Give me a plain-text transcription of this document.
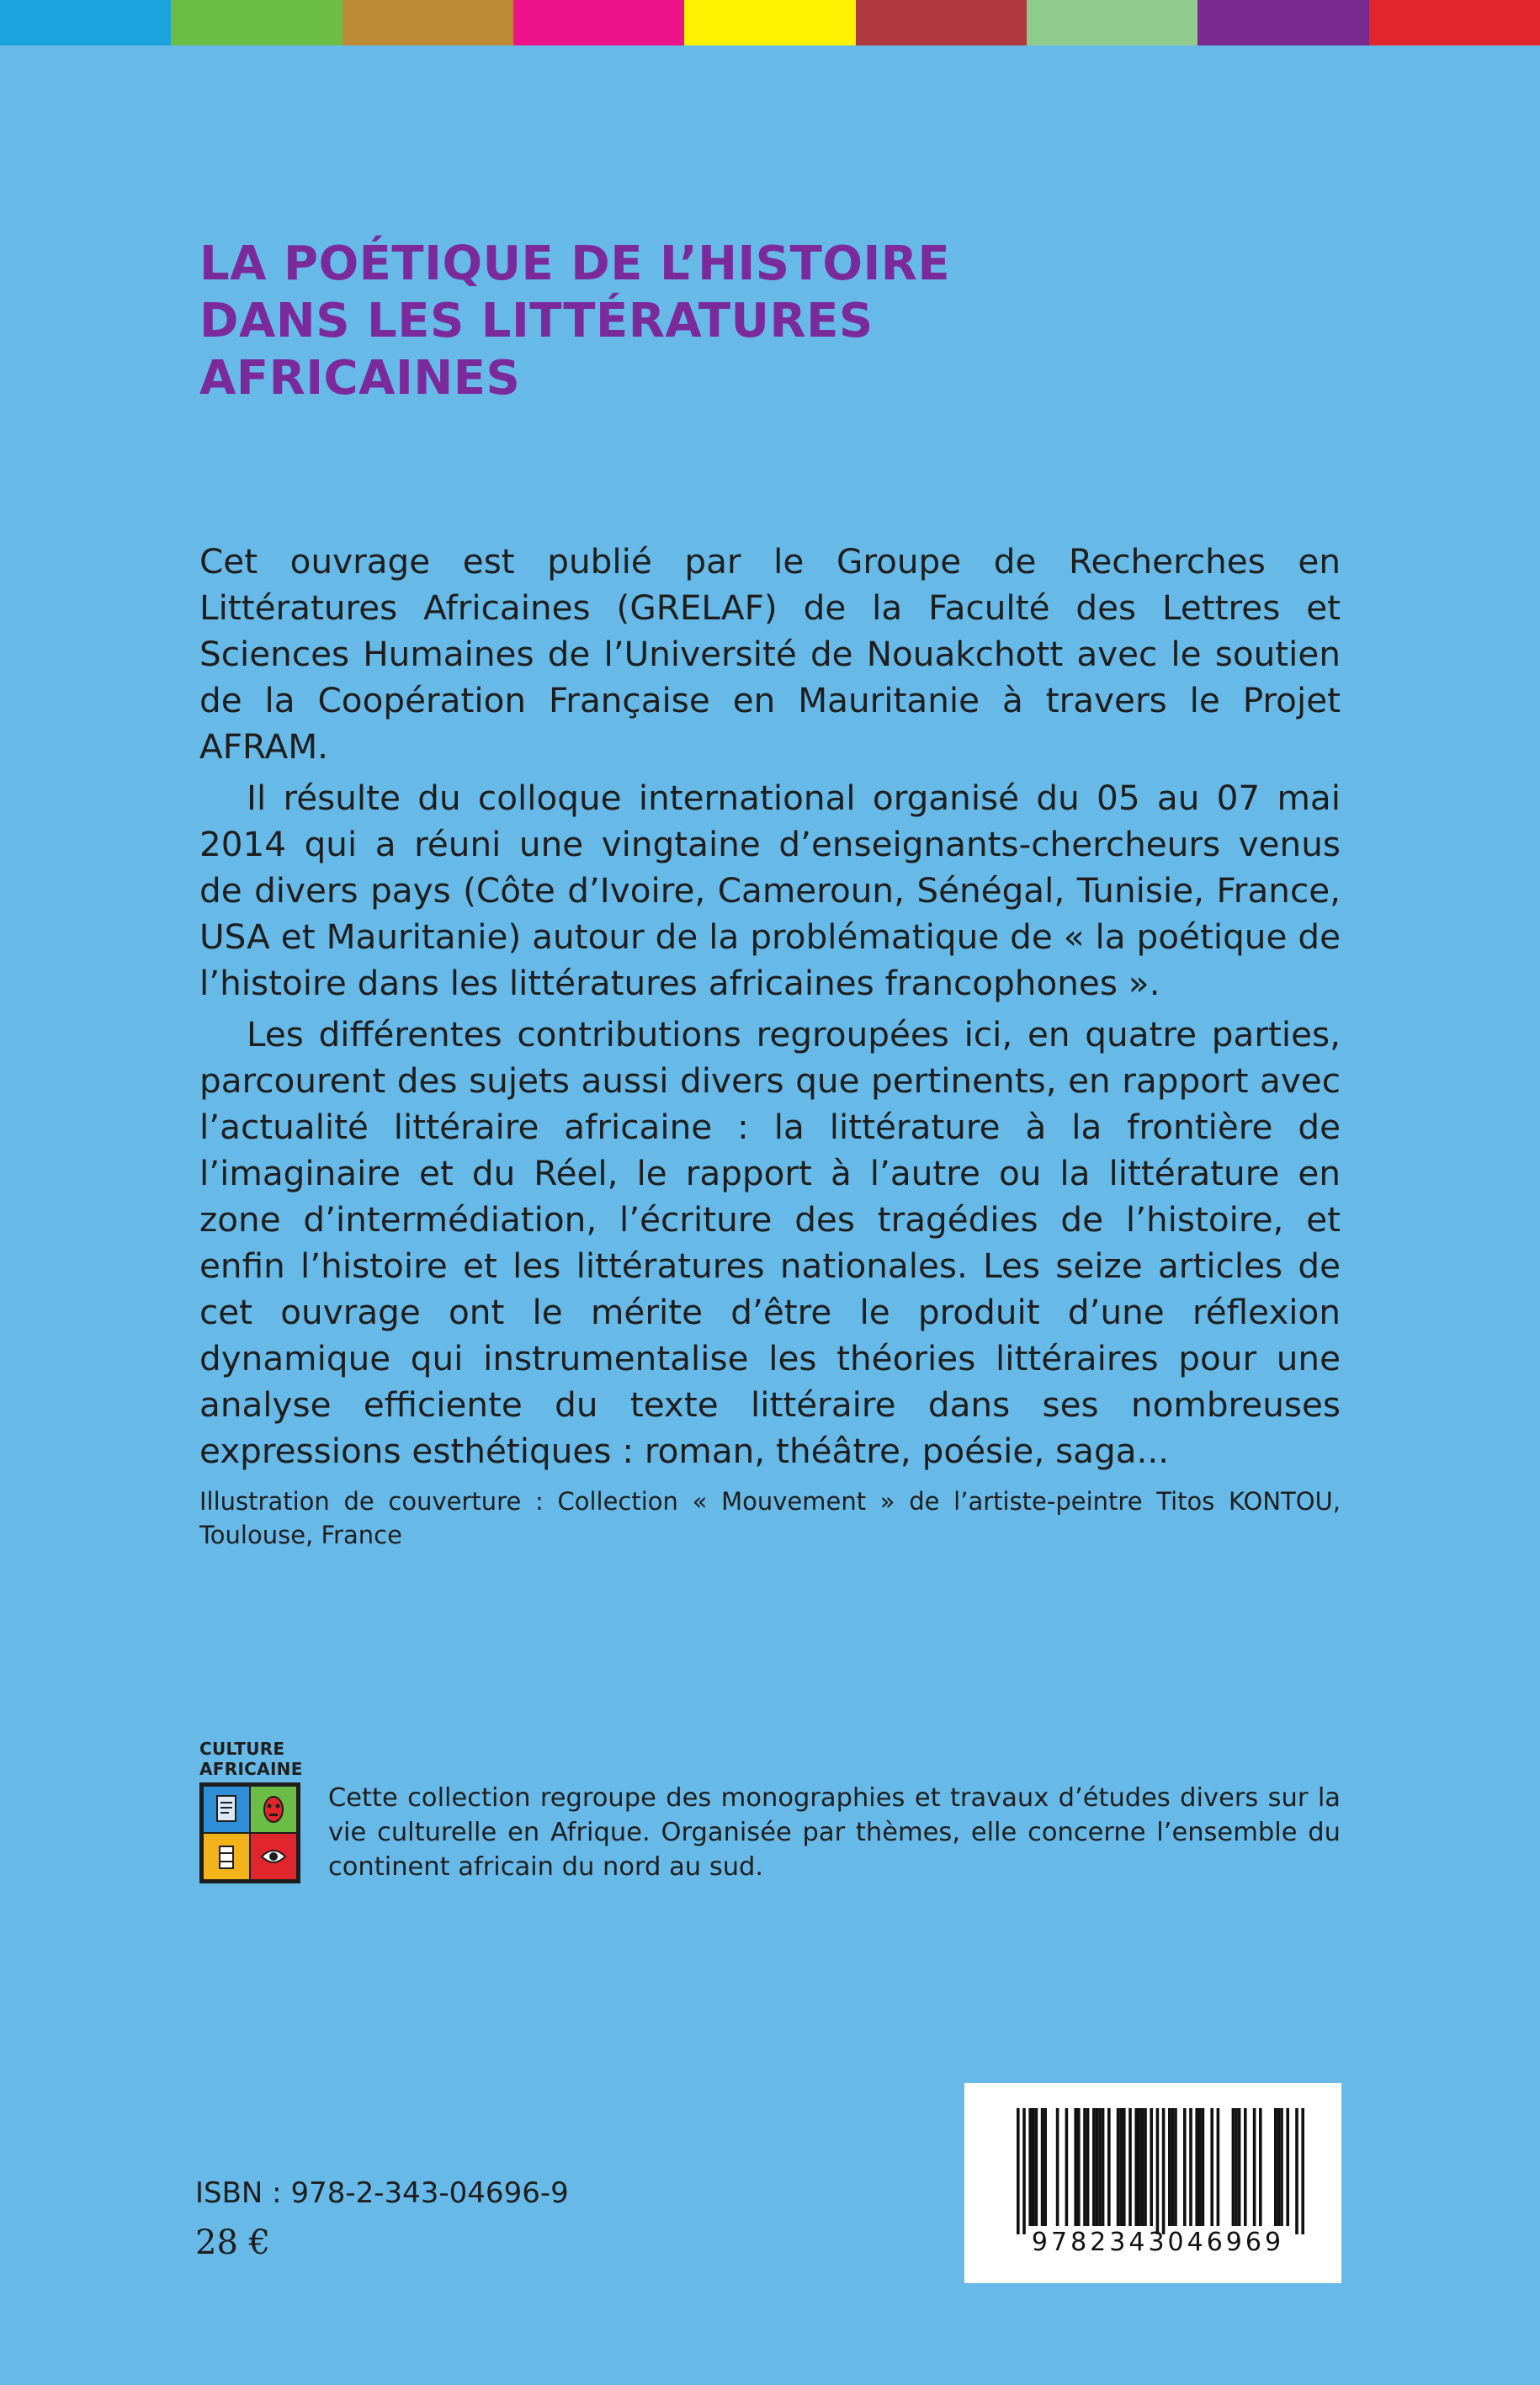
LA POÉTIQUE DE L’HISTOIRE
DANS LES LITTÉRATURES
AFRICAINES

Cet ouvrage est publié par le Groupe de Recherches en Littératures Africaines (GRELAF) de la Faculté des Lettres et Sciences Humaines de l’Université de Nouakchott avec le soutien de la Coopération Française en Mauritanie à travers le Projet AFRAM.

Il résulte du colloque international organisé du 05 au 07 mai 2014 qui a réuni une vingtaine d’enseignants-chercheurs venus de divers pays (Côte d’Ivoire, Cameroun, Sénégal, Tunisie, France, USA et Mauritanie) autour de la problématique de « la poétique de l’histoire dans les littératures africaines francophones ».

Les différentes contributions regroupées ici, en quatre parties, parcourent des sujets aussi divers que pertinents, en rapport avec l’actualité littéraire africaine : la littérature à la frontière de l’imaginaire et du Réel, le rapport à l’autre ou la littérature en zone d’intermédiation, l’écriture des tragédies de l’histoire, et enfin l’histoire et les littératures nationales. Les seize articles de cet ouvrage ont le mérite d’être le produit d’une réflexion dynamique qui instrumentalise les théories littéraires pour une analyse efficiente du texte littéraire dans ses nombreuses expressions esthétiques : roman, théâtre, poésie, saga...

Illustration de couverture : Collection « Mouvement » de l’artiste-peintre Titos KONTOU, Toulouse, France
CULTURE
AFRICAINE
Cette collection regroupe des monographies et travaux d’études divers sur la vie culturelle en Afrique. Organisée par thèmes, elle concerne l’ensemble du continent africain du nord au sud.
ISBN : 978-2-343-04696-9
28 €	9782343046969
